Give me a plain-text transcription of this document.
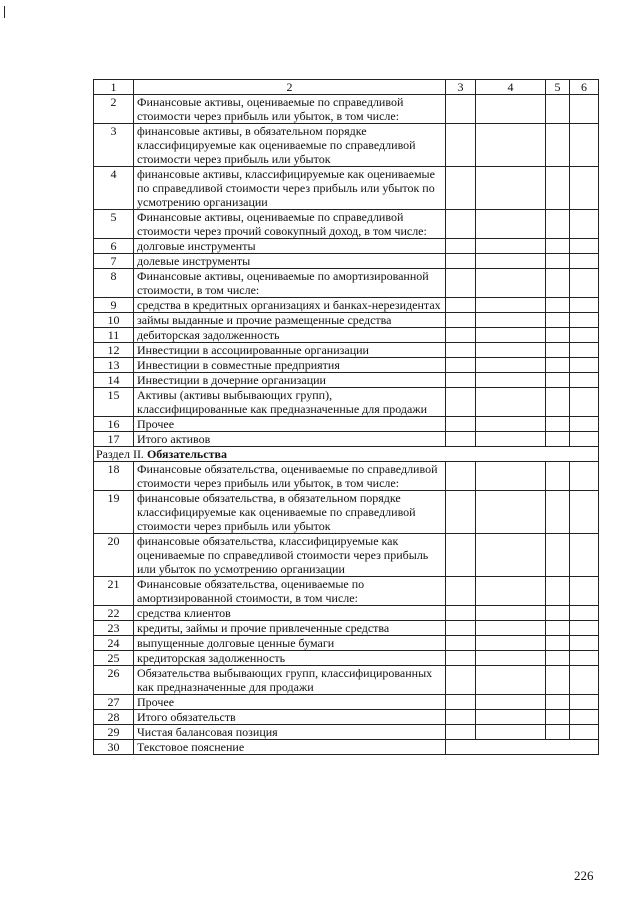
1	2	3	4	5	6
2	Финансовые активы, оцениваемые по справедливой стоимости через прибыль или убыток, в том числе:				
3	финансовые активы, в обязательном порядке классифицируемые как оцениваемые по справедливой стоимости через прибыль или убыток				
4	финансовые активы, классифицируемые как оцениваемые по справедливой стоимости через прибыль или убыток по усмотрению организации				
5	Финансовые активы, оцениваемые по справедливой стоимости через прочий совокупный доход, в том числе:				
6	долговые инструменты				
7	долевые инструменты				
8	Финансовые активы, оцениваемые по амортизированной стоимости, в том числе:				
9	средства в кредитных организациях и банках-нерезидентах				
10	займы выданные и прочие размещенные средства				
11	дебиторская задолженность				
12	Инвестиции в ассоциированные организации				
13	Инвестиции в совместные предприятия				
14	Инвестиции в дочерние организации				
15	Активы (активы выбывающих групп), классифицированные как предназначенные для продажи				
16	Прочее				
17	Итого активов				
Раздел II. Обязательства					
18	Финансовые обязательства, оцениваемые по справедливой стоимости через прибыль или убыток, в том числе:				
19	финансовые обязательства, в обязательном порядке классифицируемые как оцениваемые по справедливой стоимости через прибыль или убыток				
20	финансовые обязательства, классифицируемые как оцениваемые по справедливой стоимости через прибыль или убыток по усмотрению организации				
21	Финансовые обязательства, оцениваемые по амортизированной стоимости, в том числе:				
22	средства клиентов				
23	кредиты, займы и прочие привлеченные средства				
24	выпущенные долговые ценные бумаги				
25	кредиторская задолженность				
26	Обязательства выбывающих групп, классифицированных как предназначенные для продажи				
27	Прочее				
28	Итого обязательств				
29	Чистая балансовая позиция				
30	Текстовое пояснение				
226
